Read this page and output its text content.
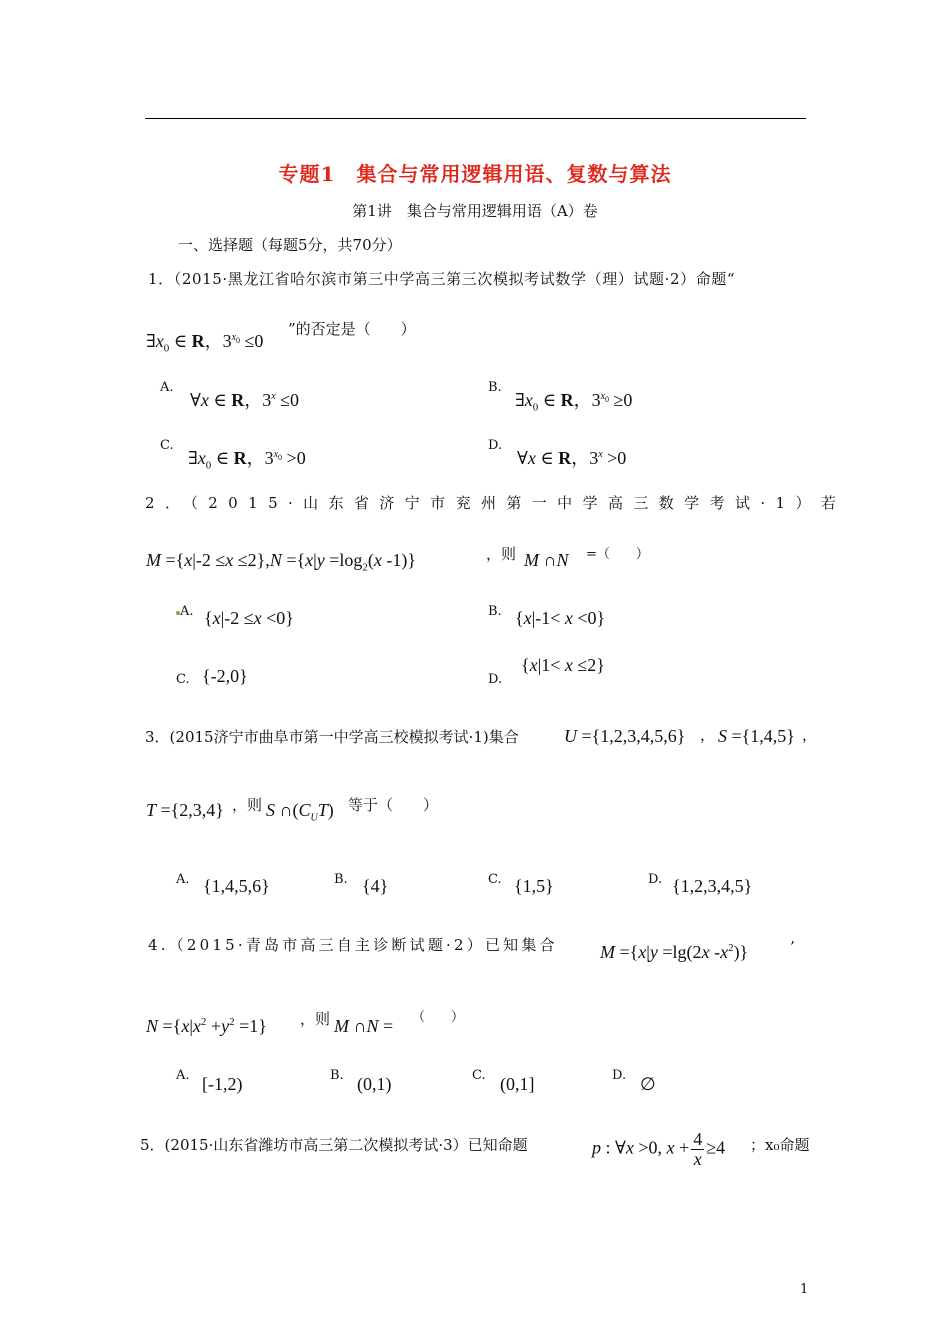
专题1　集合与常用逻辑用语、复数与算法
第1讲　集合与常用逻辑用语（A）卷
一、选择题（每题5分，共70分）
1．（2015·黑龙江省哈尔滨市第三中学高三第三次模拟考试数学（理）试题·2）命题“
$\exists x_0$ ∈ R，$3^{x_0} \le 0$
”的否定是（　　）
A.
∀x ∈ R，$3^x \le 0$
B.
$\exists x_0$ ∈ R，$3^{x_0} \ge 0$
C.
$\exists x_0$ ∈ R，$3^{x_0} >0$
D.
∀x ∈ R，$3^x >0$
2．（2015·山东省济宁市兖州第一中学高三数学考试·1）若
$M =\{x|-2 \le x \le 2\},N =\{x|y =\log_2(x$ -1)}	，则 M ∩N =（　　）
A. {x|-2 ≤x <0}	B. {x|-1< x <0}
C. {-2,0}	D.
{x|1< x ≤2}
3．(2015济宁市曲阜市第一中学高三校模拟考试·1)集合	U ={1,2,3,4,5,6} ， S ={1,4,5} ，
T ={2,3,4} ，则 S $\cap(C_UT)$ 等于（　　）
A. {1,4,5,6}	B. {4}	C. {1,5}	D. {1,2,3,4,5}
4.（2015·青岛市高三自主诊断试题·2）已知集合 M ={x|y =lg(2x $-x^2$)}	’
$N =\{x|x^2 +y^2 =1\}$ ，则 M ∩N = （　　）
A. [-1,2)	B. (0,1)	C. (0,1]	D. ∅
5．(2015·山东省潍坊市高三第二次模拟考试·3）已知命题	p : ∀x >0, $x + \frac{4}{x} \ge 4$ ；x₀命题
1
